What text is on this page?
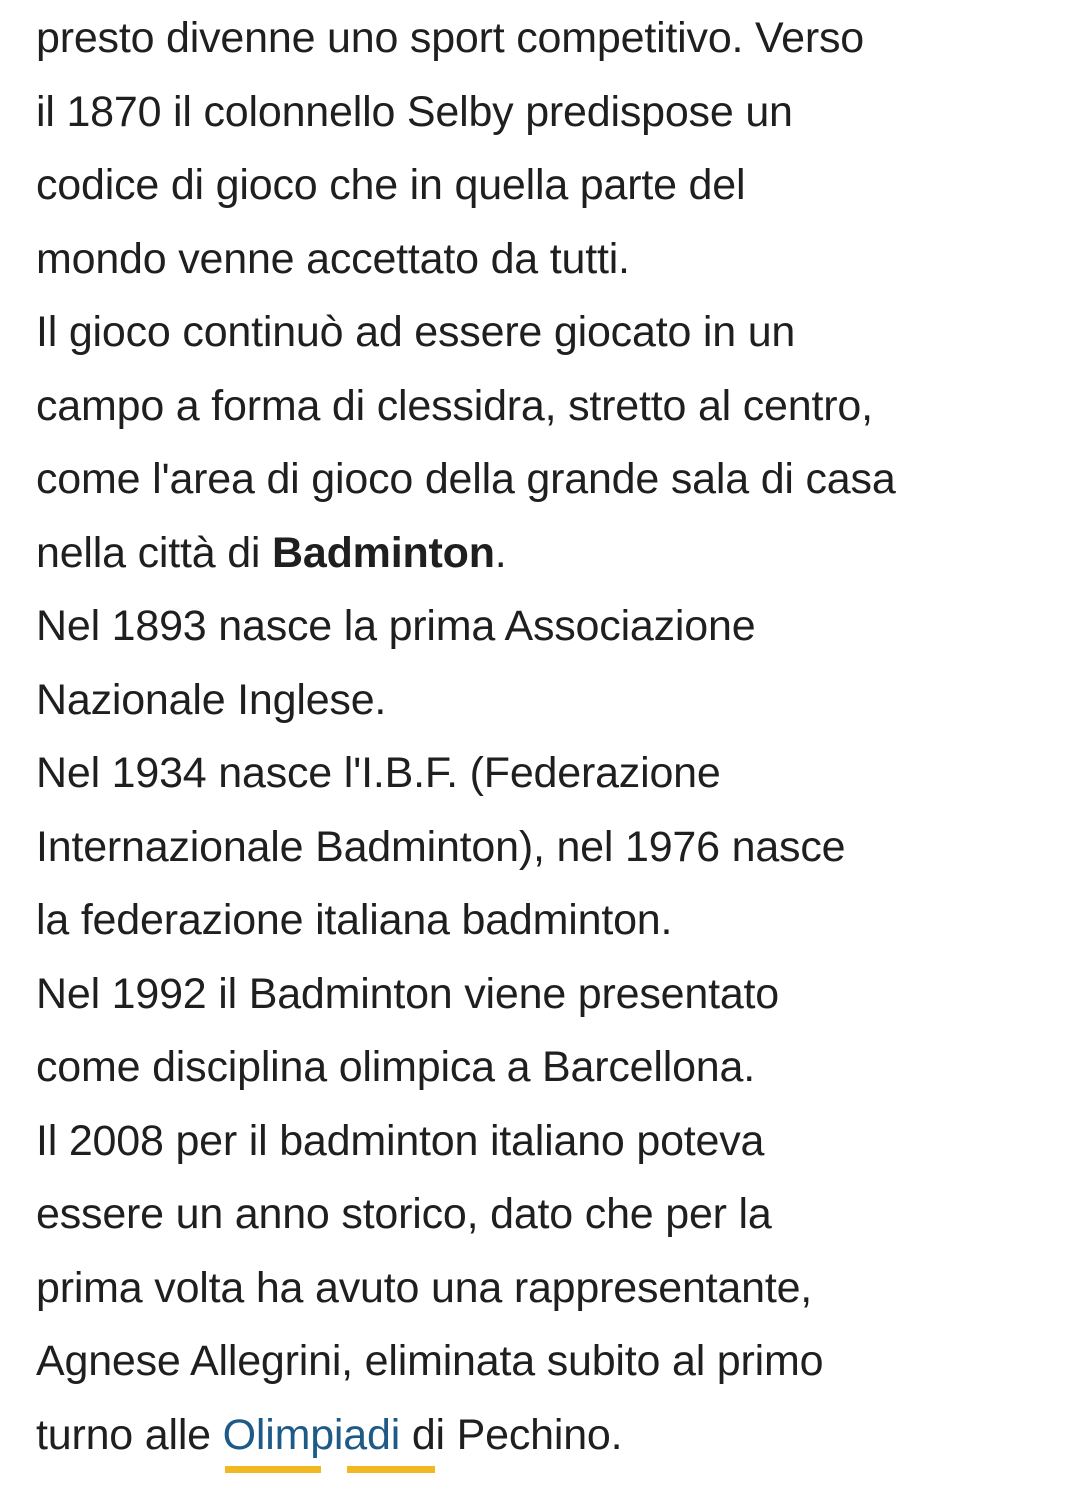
presto divenne uno sport competitivo. Verso
il 1870 il colonnello Selby predispose un
codice di gioco che in quella parte del
mondo venne accettato da tutti.
Il gioco continuò ad essere giocato in un
campo a forma di clessidra, stretto al centro,
come l'area di gioco della grande sala di casa
nella città di Badminton.
Nel 1893 nasce la prima Associazione
Nazionale Inglese.
Nel 1934 nasce l'I.B.F. (Federazione
Internazionale Badminton), nel 1976 nasce
la federazione italiana badminton.
Nel 1992 il Badminton viene presentato
come disciplina olimpica a Barcellona.
Il 2008 per il badminton italiano poteva
essere un anno storico, dato che per la
prima volta ha avuto una rappresentante,
Agnese Allegrini, eliminata subito al primo
turno alle Olimpiadi
di Pechino.
